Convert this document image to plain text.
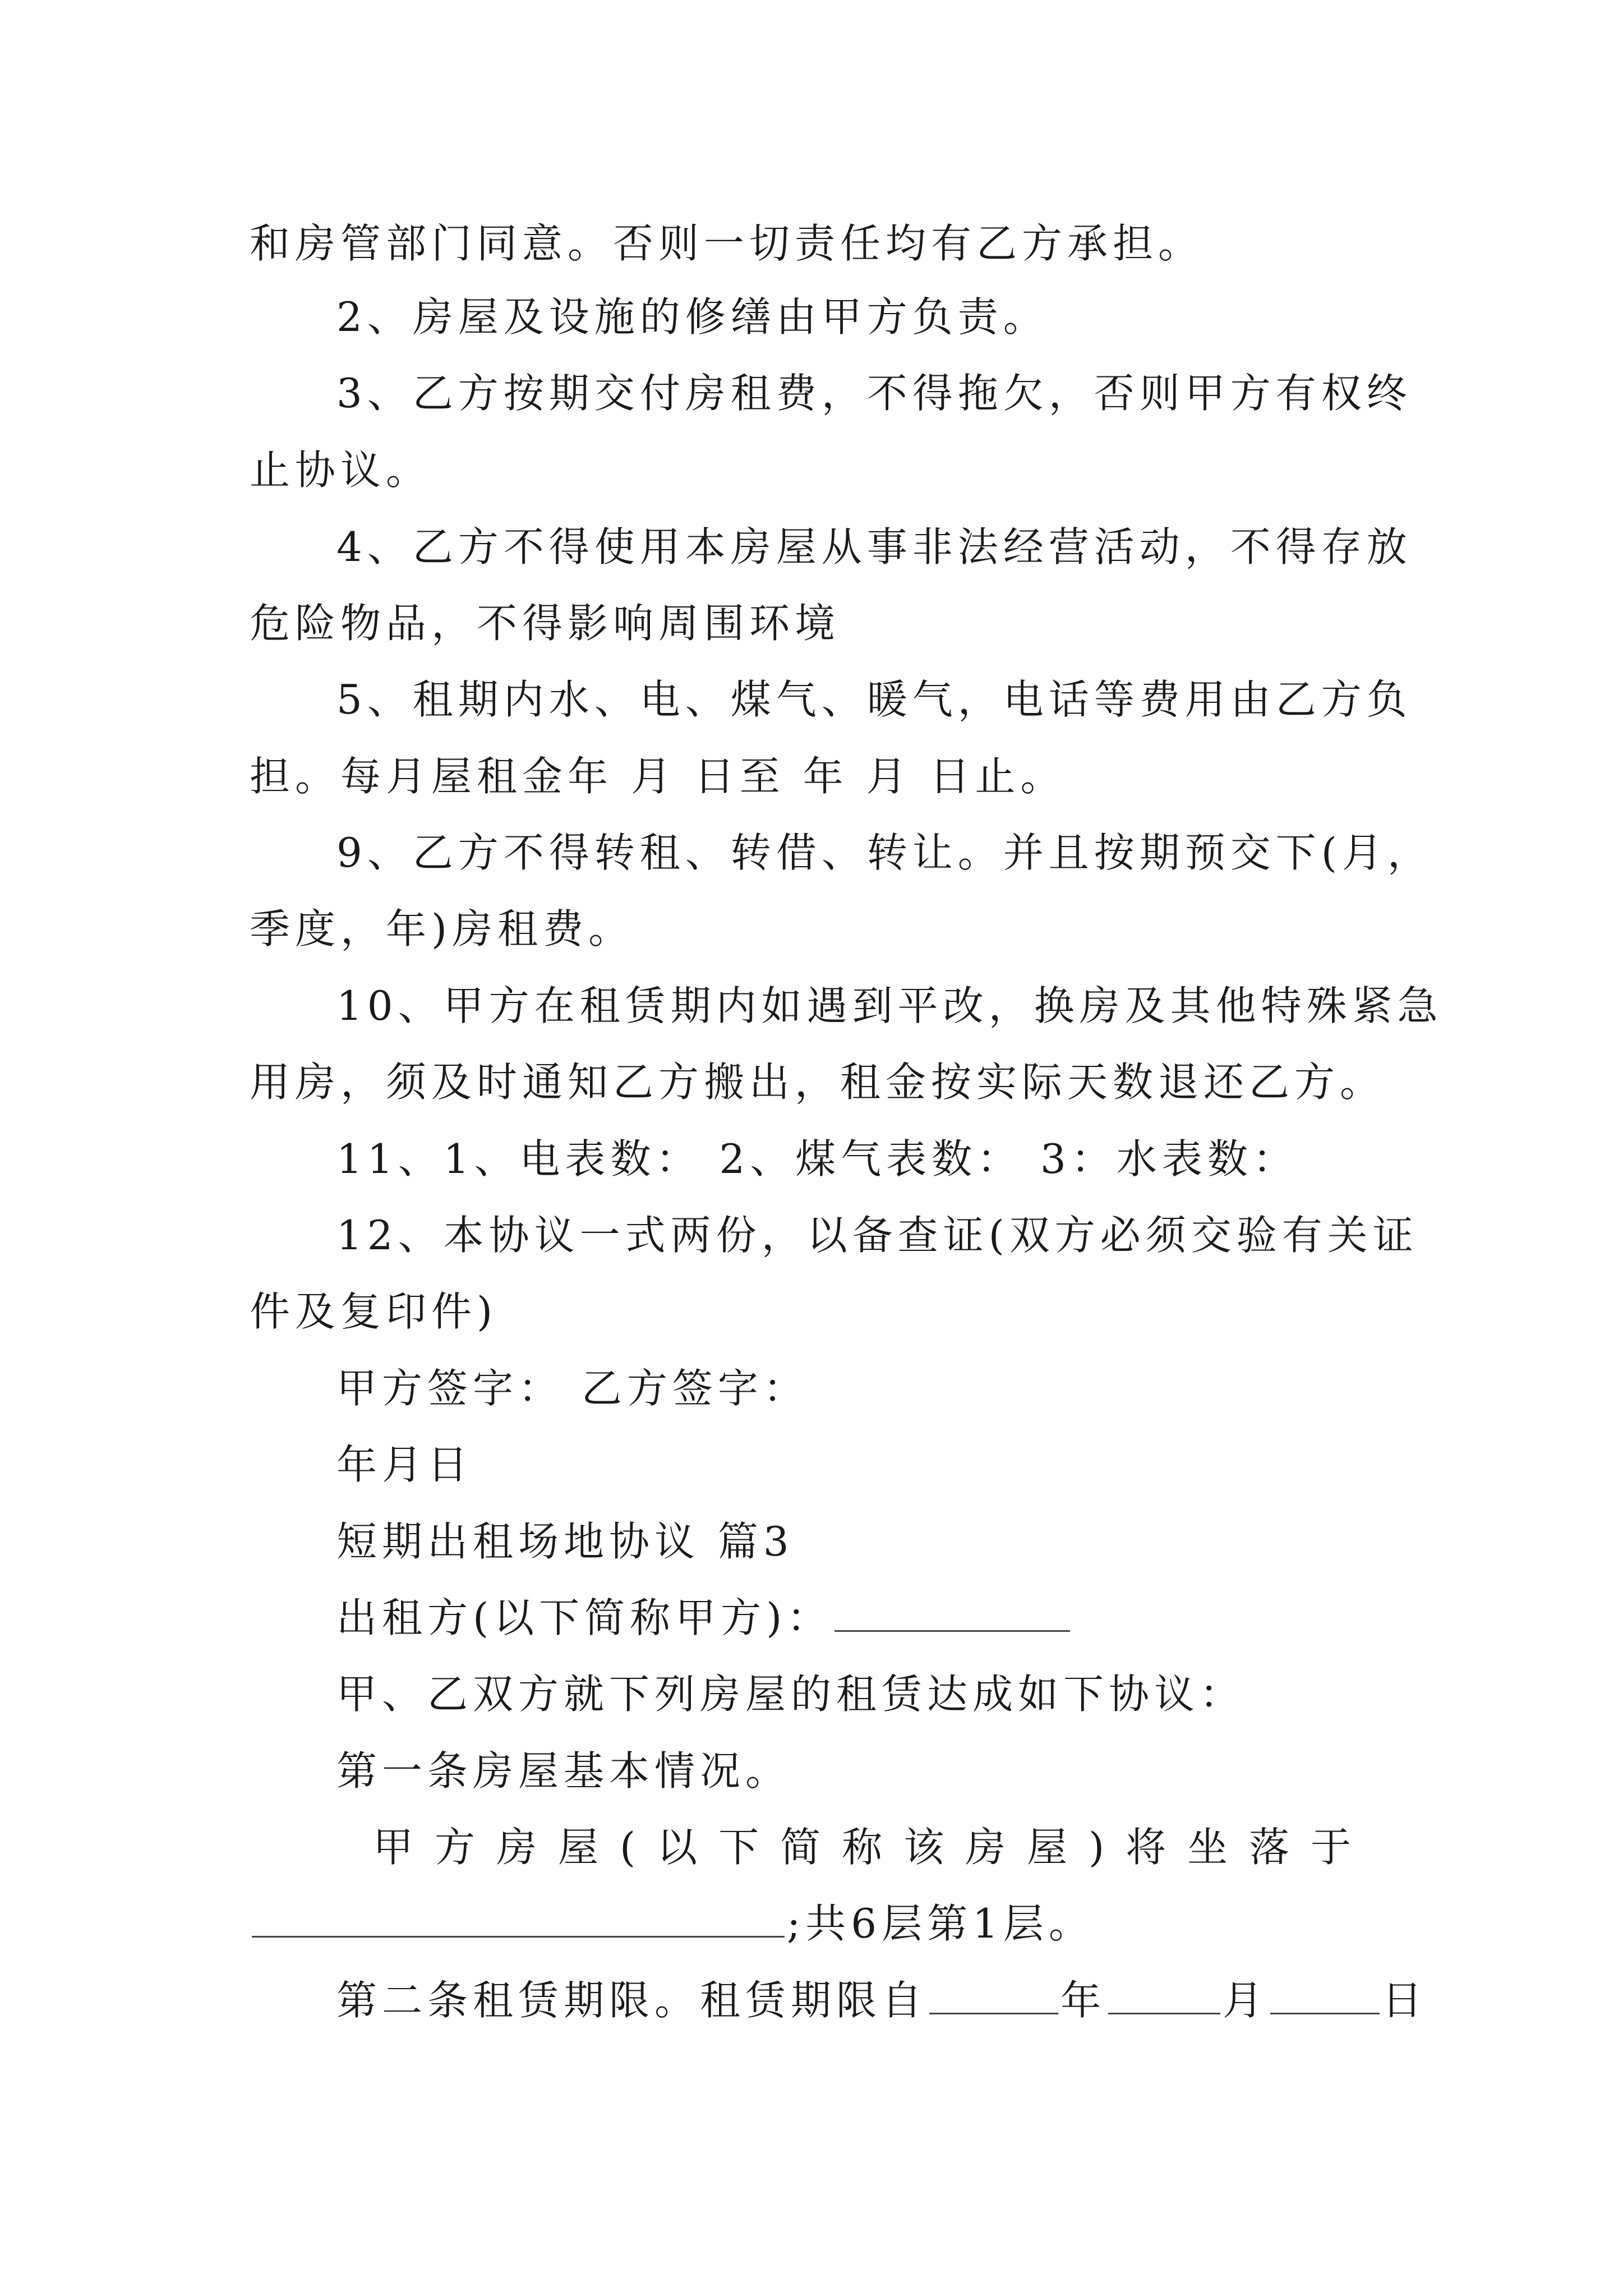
和房管部门同意。否则一切责任均有乙方承担。
2、房屋及设施的修缮由甲方负责。
3、乙方按期交付房租费，不得拖欠，否则甲方有权终
止协议。
4、乙方不得使用本房屋从事非法经营活动，不得存放
危险物品，不得影响周围环境
5、租期内水、电、煤气、暖气，电话等费用由乙方负
担。每月屋租金年 月 日至 年 月 日止。
9、乙方不得转租、转借、转让。并且按期预交下(月，
季度，年)房租费。
10、甲方在租赁期内如遇到平改，换房及其他特殊紧急
用房，须及时通知乙方搬出，租金按实际天数退还乙方。
11、1、电表数： 2、煤气表数： 3：水表数：
12、本协议一式两份，以备查证(双方必须交验有关证
件及复印件)
甲方签字： 乙方签字：
年月日
短期出租场地协议 篇3
出租方(以下简称甲方)：
甲、乙双方就下列房屋的租赁达成如下协议：
第一条房屋基本情况。
甲方房屋(以下简称该房屋)将坐落于
;共6层第1层。
第二条租赁期限。租赁期限自	年	月	日
